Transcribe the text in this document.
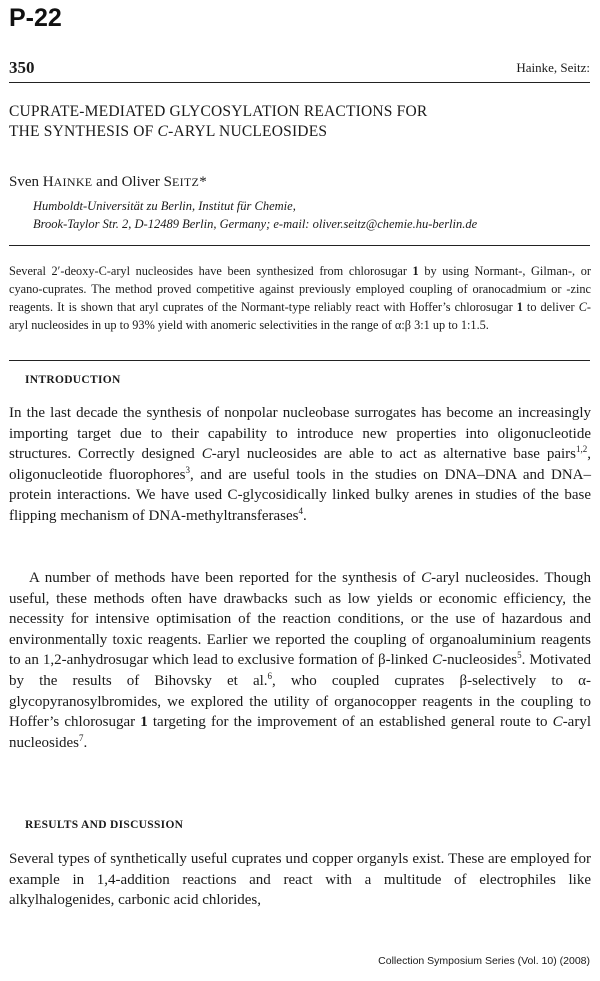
P-22
350	Hainke, Seitz:
CUPRATE-MEDIATED GLYCOSYLATION REACTIONS FOR
THE SYNTHESIS OF C-ARYL NUCLEOSIDES

Sven HAINKE and Oliver SEITZ*

Humboldt-Universität zu Berlin, Institut für Chemie,
Brook-Taylor Str. 2, D-12489 Berlin, Germany; e-mail: oliver.seitz@chemie.hu-berlin.de

Several 2′-deoxy-C-aryl nucleosides have been synthesized from chlorosugar 1 by using Normant-, Gilman-, or cyano-cuprates. The method proved competitive against previously employed coupling of oranocadmium or -zinc reagents. It is shown that aryl cuprates of the Normant-type reliably react with Hoffer’s chlorosugar 1 to deliver C-aryl nucleosides in up to 93% yield with anomeric selectivities in the range of α:β 3:1 up to 1:1.5.

INTRODUCTION

In the last decade the synthesis of nonpolar nucleobase surrogates has become an increasingly importing target due to their capability to introduce new properties into oligonucleotide structures. Correctly designed C-aryl nucleosides are able to act as alternative base pairs$^{1,2}$, oligonucleotide fluorophores$^3$, and are useful tools in the studies on DNA–DNA and DNA–protein interactions. We have used C-glycosidically linked bulky arenes in studies of the base flipping mechanism of DNA-methyltransferases$^4$.

A number of methods have been reported for the synthesis of C-aryl nucleosides. Though useful, these methods often have drawbacks such as low yields or economic efficiency, the necessity for intensive optimisation of the reaction conditions, or the use of hazardous and environmentally toxic reagents. Earlier we reported the coupling of organoaluminium reagents to an 1,2-anhydrosugar which lead to exclusive formation of β-linked C-nucleosides$^5$. Motivated by the results of Bihovsky et al.$^6$, who coupled cuprates β-selectively to α-glycopyranosylbromides, we explored the utility of organocopper reagents in the coupling to Hoffer’s chlorosugar 1 targeting for the improvement of an established general route to C-aryl nucleosides$^7$.

RESULTS AND DISCUSSION

Several types of synthetically useful cuprates und copper organyls exist. These are employed for example in 1,4-addition reactions and react with a multitude of electrophiles like alkylhalogenides, carbonic acid chlorides,

Collection Symposium Series (Vol. 10) (2008)
